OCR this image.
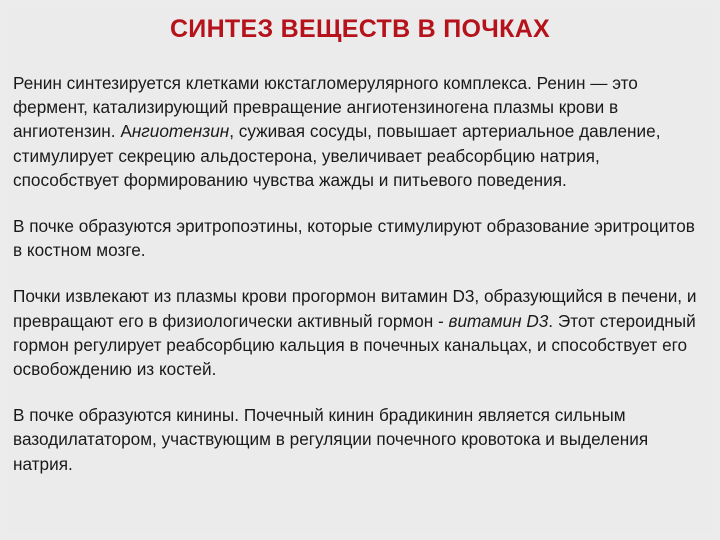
СИНТЕЗ ВЕЩЕСТВ В ПОЧКАХ

Ренин синтезируется клетками юкстагломерулярного комплекса. Ренин — это фермент, катализирующий превращение ангиотензиногена плазмы крови в ангиотензин. Ангиотензин, суживая сосуды, повышает артериальное давление, стимулирует секрецию альдостерона, увеличивает реабсорбцию натрия, способствует формированию чувства жажды и питьевого поведения.

В почке образуются эритропоэтины, которые стимулируют образование эритроцитов в костном мозге.

Почки извлекают из плазмы крови прогормон витамин D3, образующийся в печени, и превращают его в физиологически активный гормон - витамин D3. Этот стероидный гормон регулирует реабсорбцию кальция в почечных канальцах, и способствует его освобождению из костей.

В почке образуются кинины. Почечный кинин брадикинин является сильным вазодилататором, участвующим в регуляции почечного кровотока и выделения натрия.
